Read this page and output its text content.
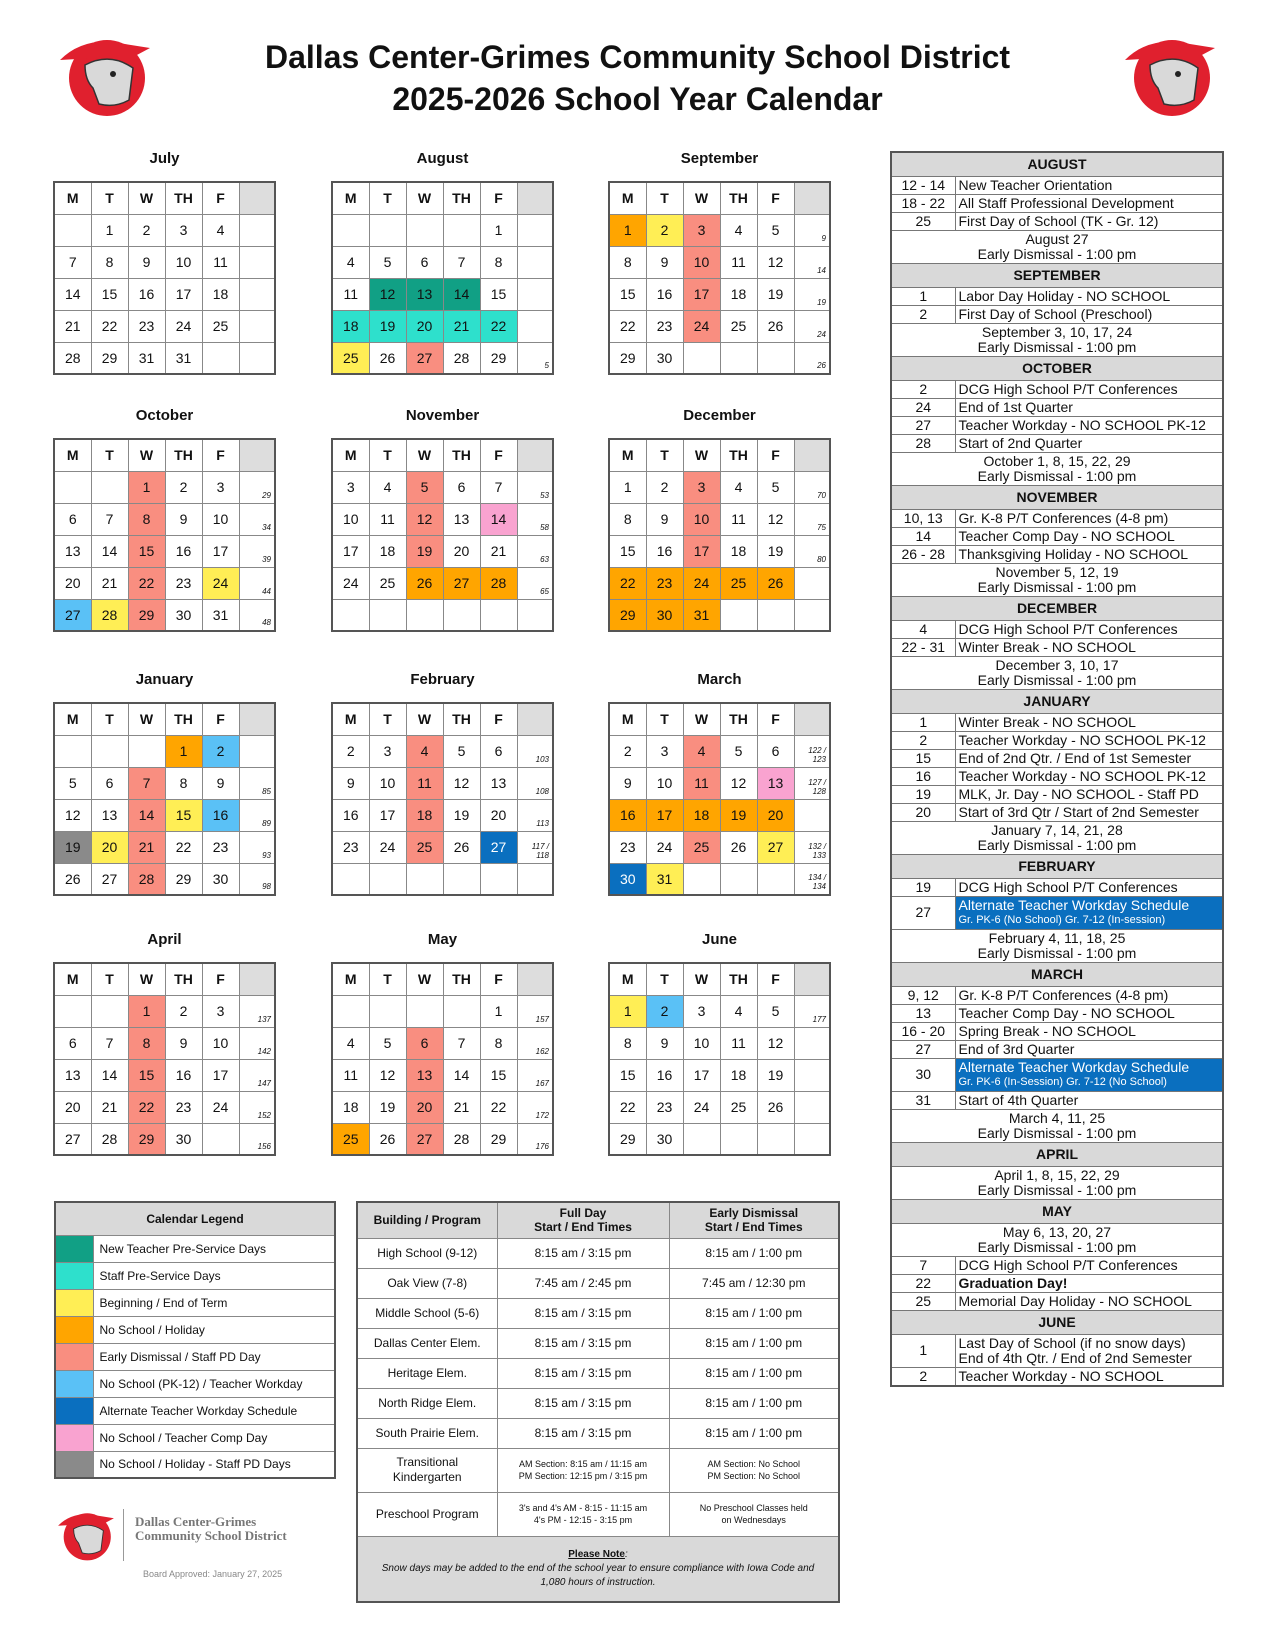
Dallas Center-Grimes Community School District
2025-2026 School Year Calendar
July
M	T	W	TH	F	
	1	2	3	4	
7	8	9	10	11	
14	15	16	17	18	
21	22	23	24	25	
28	29	31	31		
August
M	T	W	TH	F	
				1	
4	5	6	7	8	
11	12	13	14	15	
18	19	20	21	22	
25	26	27	28	29	5
September
M	T	W	TH	F	
1	2	3	4	5	9
8	9	10	11	12	14
15	16	17	18	19	19
22	23	24	25	26	24
29	30				26
October
M	T	W	TH	F	
		1	2	3	29
6	7	8	9	10	34
13	14	15	16	17	39
20	21	22	23	24	44
27	28	29	30	31	48
November
M	T	W	TH	F	
3	4	5	6	7	53
10	11	12	13	14	58
17	18	19	20	21	63
24	25	26	27	28	65

December
M	T	W	TH	F	
1	2	3	4	5	70
8	9	10	11	12	75
15	16	17	18	19	80
22	23	24	25	26	
29	30	31			
January
M	T	W	TH	F	
			1	2	
5	6	7	8	9	85
12	13	14	15	16	89
19	20	21	22	23	93
26	27	28	29	30	98
February
M	T	W	TH	F	
2	3	4	5	6	103
9	10	11	12	13	108
16	17	18	19	20	113
23	24	25	26	27	117 / 118

March
M	T	W	TH	F	
2	3	4	5	6	122 / 123
9	10	11	12	13	127 / 128
16	17	18	19	20	
23	24	25	26	27	132 / 133
30	31				134 / 134
April
M	T	W	TH	F	
		1	2	3	137
6	7	8	9	10	142
13	14	15	16	17	147
20	21	22	23	24	152
27	28	29	30		156
May
M	T	W	TH	F	
				1	157
4	5	6	7	8	162
11	12	13	14	15	167
18	19	20	21	22	172
25	26	27	28	29	176
June
M	T	W	TH	F	
1	2	3	4	5	177
8	9	10	11	12	
15	16	17	18	19	
22	23	24	25	26	
29	30				
AUGUST	
12 - 14	New Teacher Orientation

18 - 22	All Staff Professional Development

25	First Day of School (TK - Gr. 12)

August 27
Early Dismissal - 1:00 pm	

SEPTEMBER	
1	Labor Day Holiday - NO SCHOOL

2	First Day of School (Preschool)

September 3, 10, 17, 24
Early Dismissal - 1:00 pm	

OCTOBER	
2	DCG High School P/T Conferences

24	End of 1st Quarter

27	Teacher Workday - NO SCHOOL PK-12

28	Start of 2nd Quarter

October 1, 8, 15, 22, 29
Early Dismissal - 1:00 pm	

NOVEMBER	
10, 13	Gr. K-8 P/T Conferences (4-8 pm)

14	Teacher Comp Day - NO SCHOOL

26 - 28	Thanksgiving Holiday - NO SCHOOL

November 5, 12, 19
Early Dismissal - 1:00 pm	

DECEMBER	
4	DCG High School P/T Conferences

22 - 31	Winter Break - NO SCHOOL

December 3, 10, 17
Early Dismissal - 1:00 pm	

JANUARY	
1	Winter Break - NO SCHOOL

2	Teacher Workday - NO SCHOOL PK-12

15	End of 2nd Qtr. / End of 1st Semester

16	Teacher Workday - NO SCHOOL PK-12

19	MLK, Jr. Day - NO SCHOOL - Staff PD

20	Start of 3rd Qtr / Start of 2nd Semester

January 7, 14, 21, 28
Early Dismissal - 1:00 pm	

FEBRUARY	
19	DCG High School P/T Conferences

27	Alternate Teacher Workday Schedule
Gr. PK-6 (No School) Gr. 7-12 (In-session)

February 4, 11, 18, 25
Early Dismissal - 1:00 pm	

MARCH	
9, 12	Gr. K-8 P/T Conferences (4-8 pm)

13	Teacher Comp Day - NO SCHOOL

16 - 20	Spring Break - NO SCHOOL

27	End of 3rd Quarter

30	Alternate Teacher Workday Schedule
Gr. PK-6 (In-Session) Gr. 7-12 (No School)

31	Start of 4th Quarter

March 4, 11, 25
Early Dismissal - 1:00 pm	

APRIL	

April 1, 8, 15, 22, 29
Early Dismissal - 1:00 pm	

MAY	

May 6, 13, 20, 27
Early Dismissal - 1:00 pm	

7	DCG High School P/T Conferences

22	Graduation Day!

25	Memorial Day Holiday - NO SCHOOL

JUNE	
1	Last Day of School (if no snow days)
End of 4th Qtr. / End of 2nd Semester

2	Teacher Workday - NO SCHOOL
Calendar Legend	
	New Teacher Pre-Service Days
	Staff Pre-Service Days
	Beginning / End of Term
	No School / Holiday
	Early Dismissal / Staff PD Day
	No School (PK-12) / Teacher Workday
	Alternate Teacher Workday Schedule
	No School / Teacher Comp Day
	No School / Holiday - Staff PD Days
Building / Program	Full Day
Start / End Times	Early Dismissal
Start / End Times
High School (9-12)	8:15 am / 3:15 pm	8:15 am / 1:00 pm
Oak View (7-8)	7:45 am / 2:45 pm	7:45 am / 12:30 pm
Middle School (5-6)	8:15 am / 3:15 pm	8:15 am / 1:00 pm
Dallas Center Elem.	8:15 am / 3:15 pm	8:15 am / 1:00 pm
Heritage Elem.	8:15 am / 3:15 pm	8:15 am / 1:00 pm
North Ridge Elem.	8:15 am / 3:15 pm	8:15 am / 1:00 pm
South Prairie Elem.	8:15 am / 3:15 pm	8:15 am / 1:00 pm
Transitional
Kindergarten	AM Section: 8:15 am / 11:15 am
PM Section: 12:15 pm / 3:15 pm	AM Section: No School
PM Section: No School
Preschool Program	3's and 4's AM - 8:15 - 11:15 am
4's PM - 12:15 - 3:15 pm	No Preschool Classes held
on Wednesdays
Please Note:
Snow days may be added to the end of the school year to ensure compliance with Iowa Code and 1,080 hours of instruction.		
Dallas Center-Grimes
Community School District
Board Approved: January 27, 2025
